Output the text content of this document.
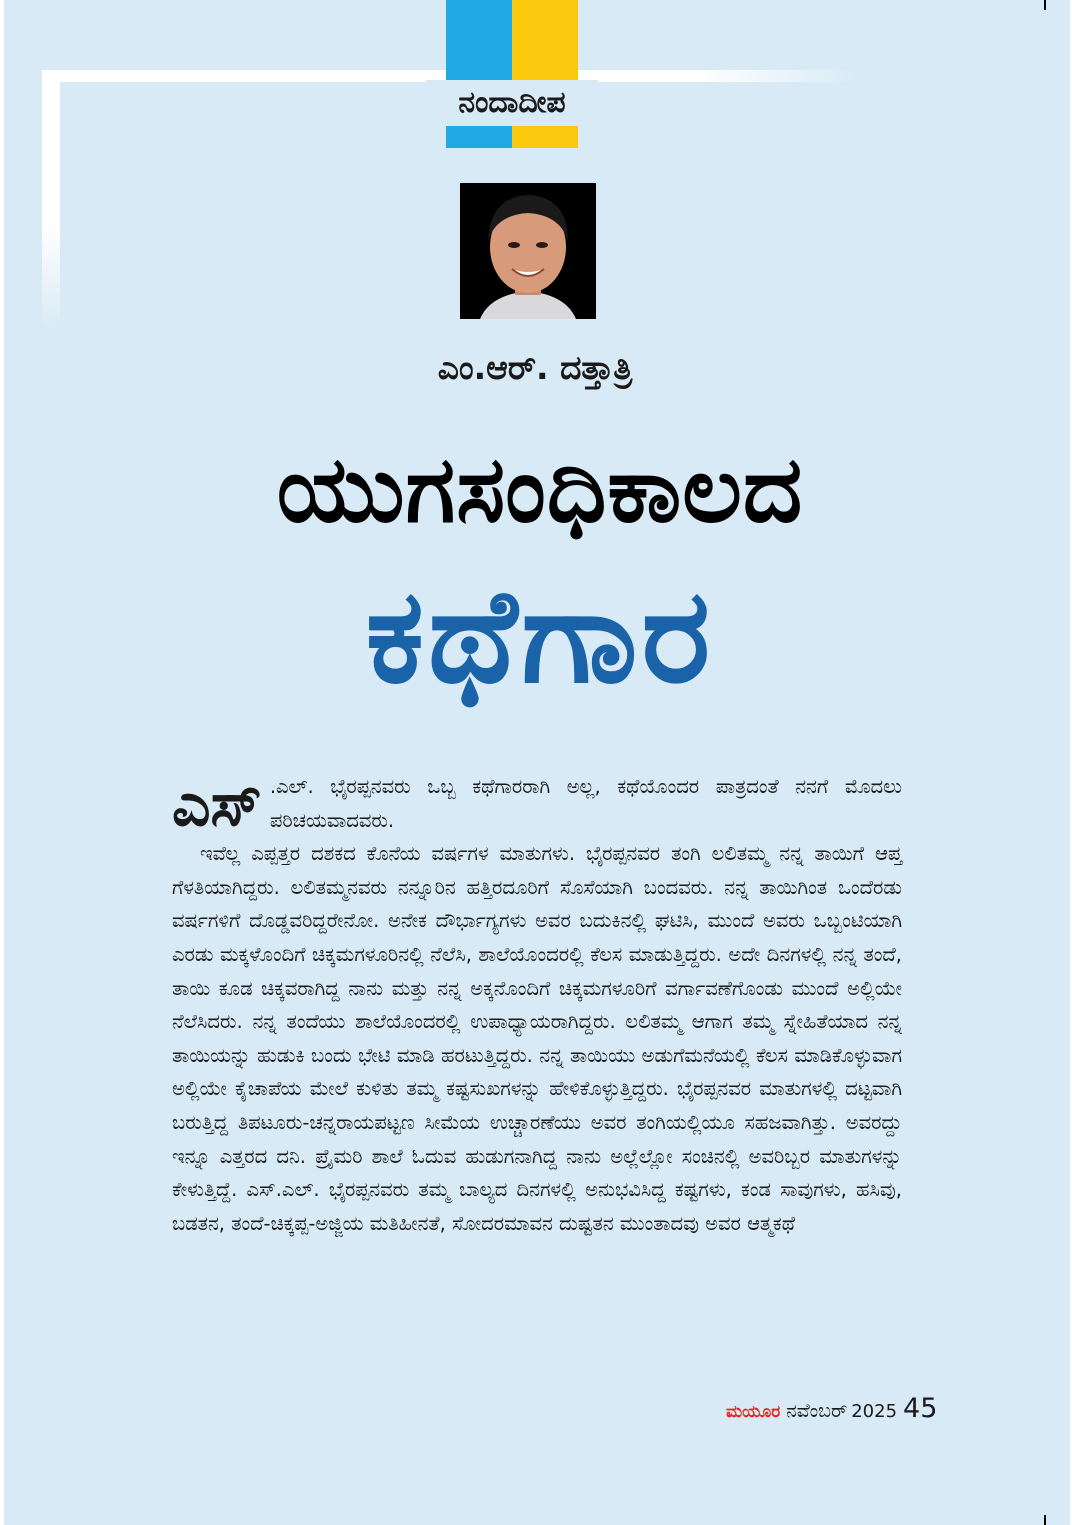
ನಂದಾದೀಪ
ಎಂ.ಆರ್. ದತ್ತಾತ್ರಿ
ಯುಗಸಂಧಿಕಾಲದ
ಕಥೆಗಾರ

ಎಸ್ .ಎಲ್. ಭೈರಪ್ಪನವರು ಒಬ್ಬ ಕಥೆಗಾರರಾಗಿ ಅಲ್ಲ, ಕಥೆಯೊಂದರ ಪಾತ್ರದಂತೆ ನನಗೆ ಮೊದಲು ಪರಿಚಯವಾದವರು.

ಇವೆಲ್ಲ ಎಪ್ಪತ್ತರ ದಶಕದ ಕೊನೆಯ ವರ್ಷಗಳ ಮಾತುಗಳು. ಭೈರಪ್ಪನವರ ತಂಗಿ ಲಲಿತಮ್ಮ ನನ್ನ ತಾಯಿಗೆ ಆಪ್ತ ಗೆಳತಿಯಾಗಿದ್ದರು. ಲಲಿತಮ್ಮನವರು ನನ್ನೂರಿನ ಹತ್ತಿರದೂರಿಗೆ ಸೊಸೆಯಾಗಿ ಬಂದವರು. ನನ್ನ ತಾಯಿಗಿಂತ ಒಂದೆರಡು ವರ್ಷಗಳಿಗೆ ದೊಡ್ಡವರಿದ್ದರೇನೋ. ಅನೇಕ ದೌರ್ಭಾಗ್ಯಗಳು ಅವರ ಬದುಕಿನಲ್ಲಿ ಘಟಿಸಿ, ಮುಂದೆ ಅವರು ಒಬ್ಬಂಟಿಯಾಗಿ ಎರಡು ಮಕ್ಕಳೊಂದಿಗೆ ಚಿಕ್ಕಮಗಳೂರಿನಲ್ಲಿ ನೆಲೆಸಿ, ಶಾಲೆಯೊಂದರಲ್ಲಿ ಕೆಲಸ ಮಾಡುತ್ತಿದ್ದರು. ಅದೇ ದಿನಗಳಲ್ಲಿ ನನ್ನ ತಂದೆ, ತಾಯಿ ಕೂಡ ಚಿಕ್ಕವರಾಗಿದ್ದ ನಾನು ಮತ್ತು ನನ್ನ ಅಕ್ಕನೊಂದಿಗೆ ಚಿಕ್ಕಮಗಳೂರಿಗೆ ವರ್ಗಾವಣೆಗೊಂಡು ಮುಂದೆ ಅಲ್ಲಿಯೇ ನೆಲೆಸಿದರು. ನನ್ನ ತಂದೆಯು ಶಾಲೆಯೊಂದರಲ್ಲಿ ಉಪಾಧ್ಯಾಯರಾಗಿದ್ದರು. ಲಲಿತಮ್ಮ ಆಗಾಗ ತಮ್ಮ ಸ್ನೇಹಿತೆಯಾದ ನನ್ನ ತಾಯಿಯನ್ನು ಹುಡುಕಿ ಬಂದು ಭೇಟಿ ಮಾಡಿ ಹರಟುತ್ತಿದ್ದರು. ನನ್ನ ತಾಯಿಯು ಅಡುಗೆಮನೆಯಲ್ಲಿ ಕೆಲಸ ಮಾಡಿಕೊಳ್ಳುವಾಗ ಅಲ್ಲಿಯೇ ಕೈಚಾಪೆಯ ಮೇಲೆ ಕುಳಿತು ತಮ್ಮ ಕಷ್ಟಸುಖಗಳನ್ನು ಹೇಳಿಕೊಳ್ಳುತ್ತಿದ್ದರು. ಭೈರಪ್ಪನವರ ಮಾತುಗಳಲ್ಲಿ ದಟ್ಟವಾಗಿ ಬರುತ್ತಿದ್ದ ತಿಪಟೂರು-ಚನ್ನರಾಯಪಟ್ಟಣ ಸೀಮೆಯ ಉಚ್ಚಾರಣೆಯು ಅವರ ತಂಗಿಯಲ್ಲಿಯೂ ಸಹಜವಾಗಿತ್ತು. ಅವರದ್ದು ಇನ್ನೂ ಎತ್ತರದ ದನಿ. ಪ್ರೈಮರಿ ಶಾಲೆ ಓದುವ ಹುಡುಗನಾಗಿದ್ದ ನಾನು ಅಲ್ಲೆಲ್ಲೋ ಸಂಚಿನಲ್ಲಿ ಅವರಿಬ್ಬರ ಮಾತುಗಳನ್ನು ಕೇಳುತ್ತಿದ್ದೆ. ಎಸ್.ಎಲ್. ಭೈರಪ್ಪನವರು ತಮ್ಮ ಬಾಲ್ಯದ ದಿನಗಳಲ್ಲಿ ಅನುಭವಿಸಿದ್ದ ಕಷ್ಟಗಳು, ಕಂಡ ಸಾವುಗಳು, ಹಸಿವು, ಬಡತನ, ತಂದೆ-ಚಿಕ್ಕಪ್ಪ-ಅಜ್ಜಿಯ ಮತಿಹೀನತೆ, ಸೋದರಮಾವನ ದುಷ್ಟತನ ಮುಂತಾದವು ಅವರ ಆತ್ಮಕಥೆ

ಮಯೂರ ನವೆಂಬರ್ 2025 45
